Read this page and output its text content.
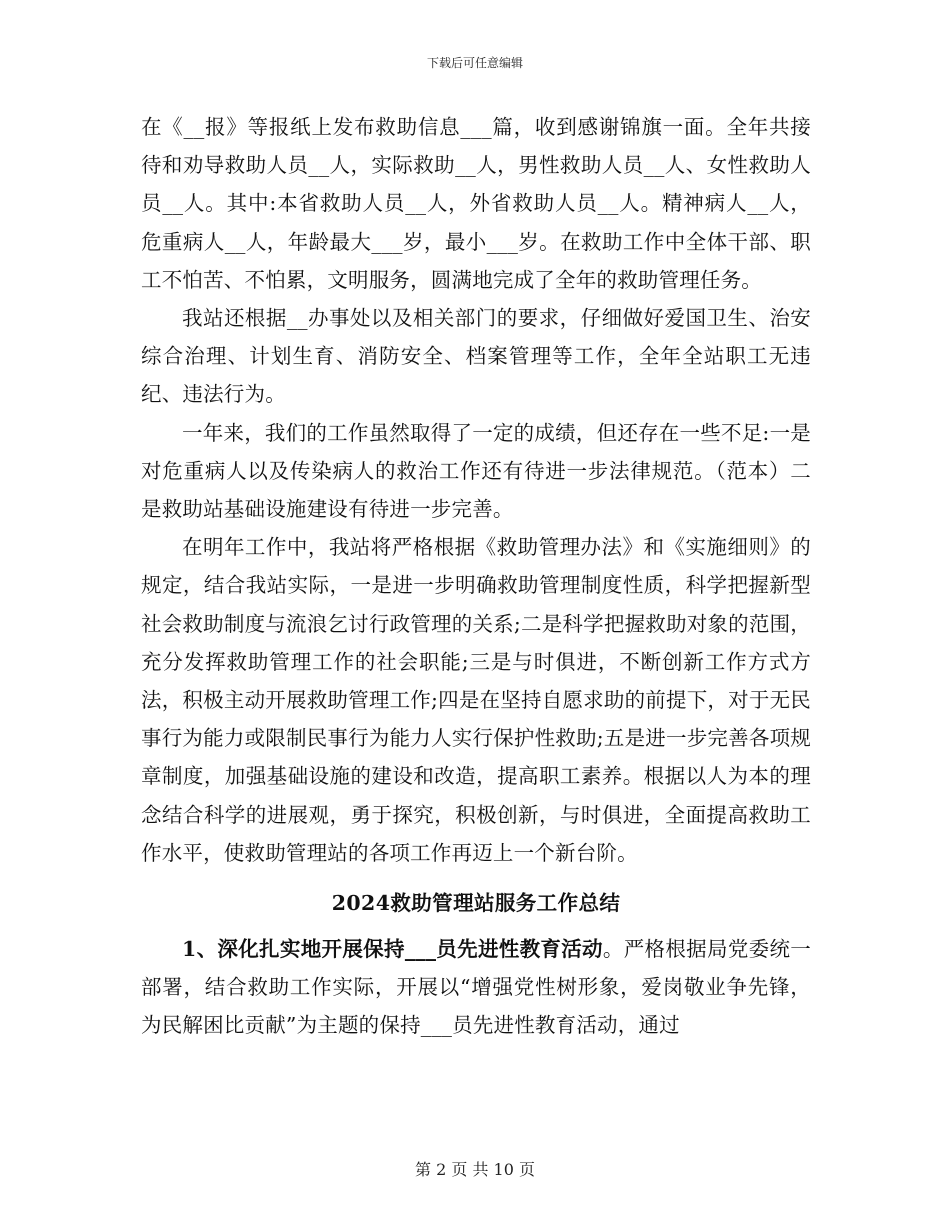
下载后可任意编辑

在《__报》等报纸上发布救助信息___篇，收到感谢锦旗一面。全年共接待和劝导救助人员__人，实际救助__人，男性救助人员__人、女性救助人员__人。其中:本省救助人员__人，外省救助人员__人。精神病人__人，危重病人__人，年龄最大___岁，最小___岁。在救助工作中全体干部、职工不怕苦、不怕累，文明服务，圆满地完成了全年的救助管理任务。

我站还根据__办事处以及相关部门的要求，仔细做好爱国卫生、治安综合治理、计划生育、消防安全、档案管理等工作，全年全站职工无违纪、违法行为。

一年来，我们的工作虽然取得了一定的成绩，但还存在一些不足:一是对危重病人以及传染病人的救治工作还有待进一步法律规范。（范本）二是救助站基础设施建设有待进一步完善。

在明年工作中，我站将严格根据《救助管理办法》和《实施细则》的规定，结合我站实际，一是进一步明确救助管理制度性质，科学把握新型社会救助制度与流浪乞讨行政管理的关系;二是科学把握救助对象的范围，充分发挥救助管理工作的社会职能;三是与时俱进，不断创新工作方式方法，积极主动开展救助管理工作;四是在坚持自愿求助的前提下，对于无民事行为能力或限制民事行为能力人实行保护性救助;五是进一步完善各项规章制度，加强基础设施的建设和改造，提高职工素养。根据以人为本的理念结合科学的进展观，勇于探究，积极创新，与时俱进，全面提高救助工作水平，使救助管理站的各项工作再迈上一个新台阶。

2024救助管理站服务工作总结

1、深化扎实地开展保持___员先进性教育活动。严格根据局党委统一部署，结合救助工作实际，开展以“增强党性树形象，爱岗敬业争先锋，为民解困比贡献”为主题的保持___员先进性教育活动，通过

第 2 页 共 10 页
